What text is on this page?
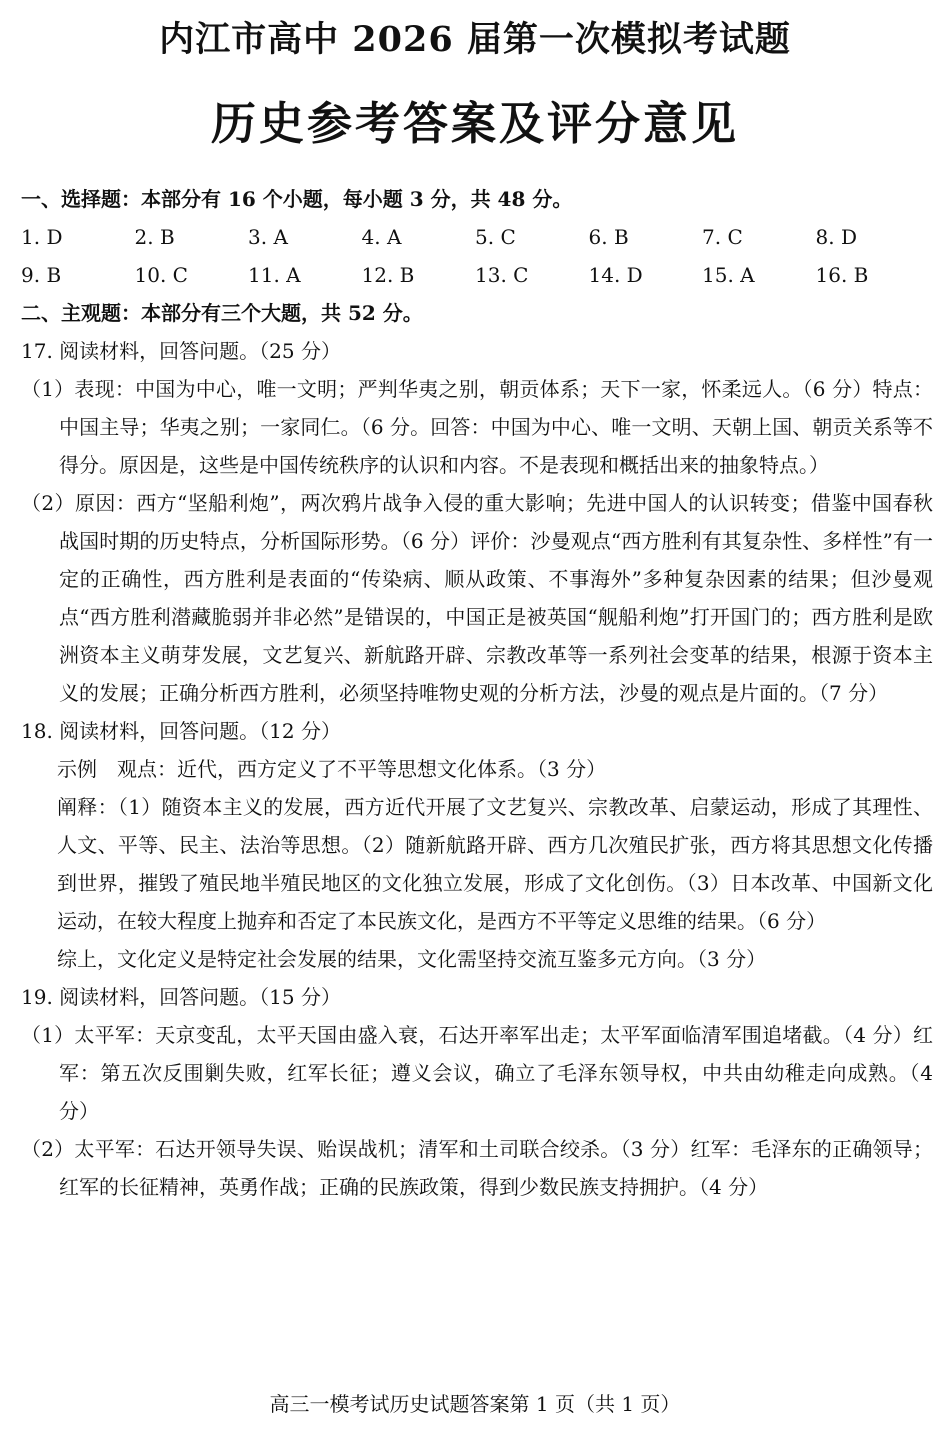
内江市高中 2026 届第一次模拟考试题
历史参考答案及评分意见
一、选择题：本部分有 16 个小题，每小题 3 分，共 48 分。
1. D	2. B	3. A	4. A	5. C	6. B	7. C	8. D
9. B	10. C	11. A	12. B	13. C	14. D	15. A	16. B
二、主观题：本部分有三个大题，共 52 分。
17. 阅读材料，回答问题。（25 分）

（1）表现：中国为中心，唯一文明；严判华夷之别，朝贡体系；天下一家，怀柔远人。（6 分）特点：中国主导；华夷之别；一家同仁。（6 分。回答：中国为中心、唯一文明、天朝上国、朝贡关系等不得分。原因是，这些是中国传统秩序的认识和内容。不是表现和概括出来的抽象特点。）

（2）原因：西方“坚船利炮”，两次鸦片战争入侵的重大影响；先进中国人的认识转变；借鉴中国春秋战国时期的历史特点，分析国际形势。（6 分）评价：沙曼观点“西方胜利有其复杂性、多样性”有一定的正确性，西方胜利是表面的“传染病、顺从政策、不事海外”多种复杂因素的结果；但沙曼观点“西方胜利潜藏脆弱并非必然”是错误的，中国正是被英国“舰船利炮”打开国门的；西方胜利是欧洲资本主义萌芽发展，文艺复兴、新航路开辟、宗教改革等一系列社会变革的结果，根源于资本主义的发展；正确分析西方胜利，必须坚持唯物史观的分析方法，沙曼的观点是片面的。（7 分）

18. 阅读材料，回答问题。（12 分）

示例　观点：近代，西方定义了不平等思想文化体系。（3 分）

阐释：（1）随资本主义的发展，西方近代开展了文艺复兴、宗教改革、启蒙运动，形成了其理性、人文、平等、民主、法治等思想。（2）随新航路开辟、西方几次殖民扩张，西方将其思想文化传播到世界，摧毁了殖民地半殖民地区的文化独立发展，形成了文化创伤。（3）日本改革、中国新文化运动，在较大程度上抛弃和否定了本民族文化，是西方不平等定义思维的结果。（6 分）

综上，文化定义是特定社会发展的结果，文化需坚持交流互鉴多元方向。（3 分）

19. 阅读材料，回答问题。（15 分）

（1）太平军：天京变乱，太平天国由盛入衰，石达开率军出走；太平军面临清军围追堵截。（4 分）红军：第五次反围剿失败，红军长征；遵义会议，确立了毛泽东领导权，中共由幼稚走向成熟。（4 分）

（2）太平军：石达开领导失误、贻误战机；清军和土司联合绞杀。（3 分）红军：毛泽东的正确领导；红军的长征精神，英勇作战；正确的民族政策，得到少数民族支持拥护。（4 分）

高三一模考试历史试题答案第 1 页（共 1 页）
